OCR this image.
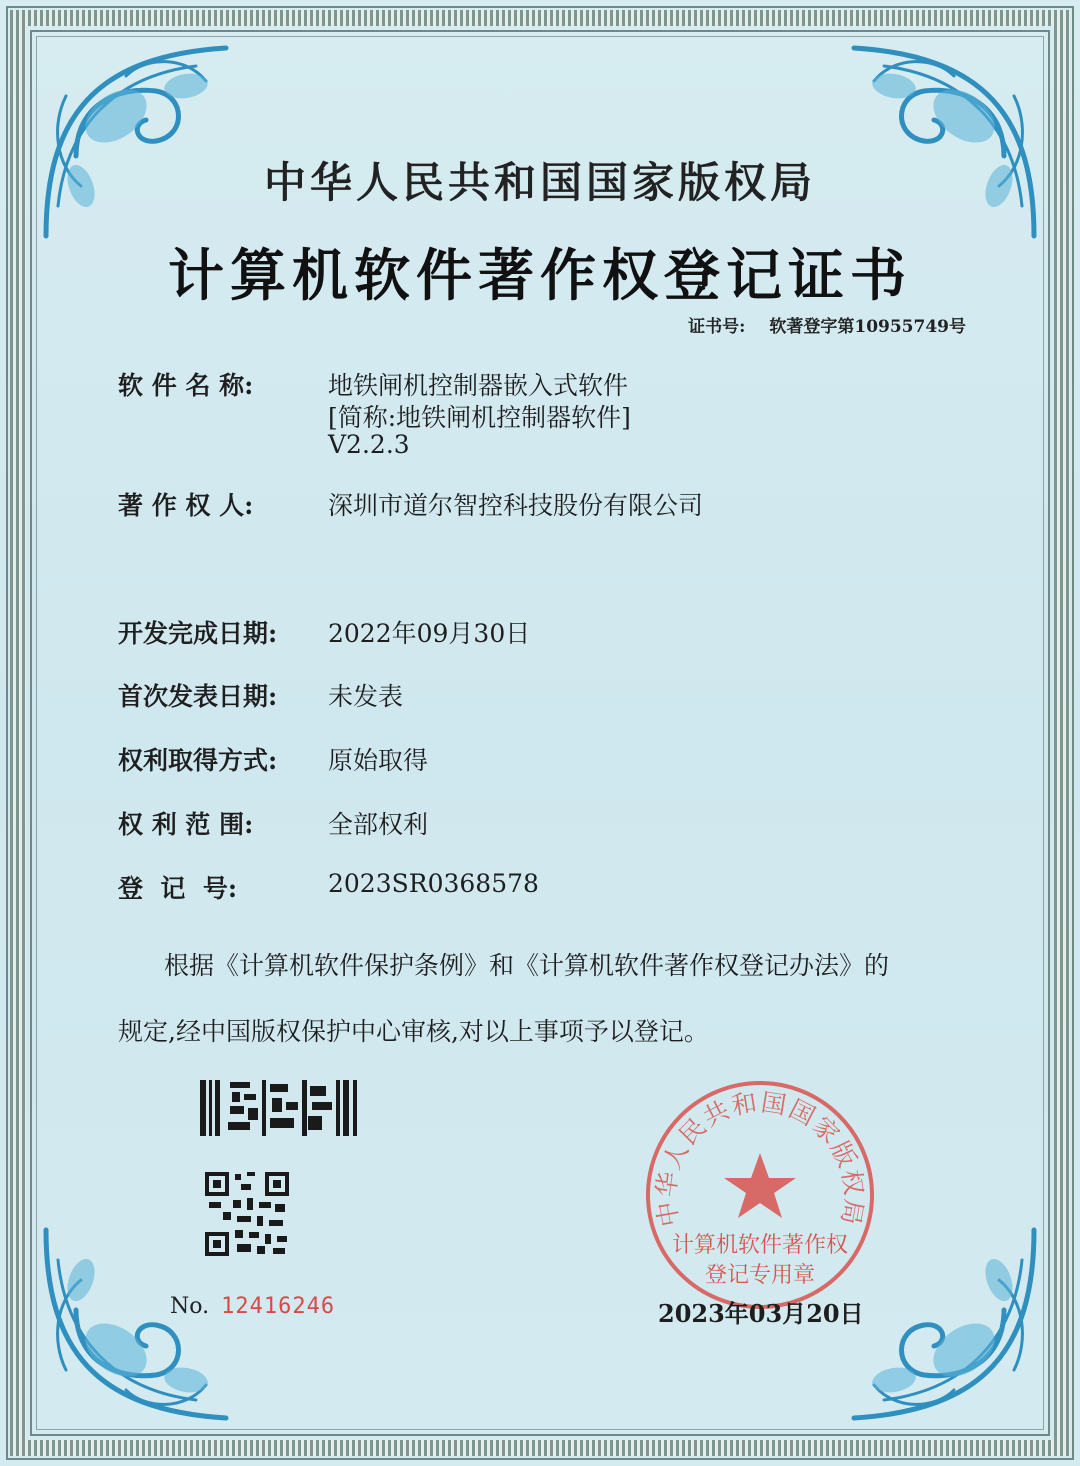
中华人民共和国国家版权局
计算机软件著作权登记证书
证书号: 软著登字第10955749号
软 件 名 称:	地铁闸机控制器嵌入式软件
[简称:地铁闸机控制器软件]
V2.2.3
著 作 权 人:	深圳市道尔智控科技股份有限公司
开发完成日期: 2022年09月30日
首次发表日期: 未发表
权利取得方式: 原始取得
权 利 范 围:	全部权利
登  记  号:	2023SR0368578
根据《计算机软件保护条例》和《计算机软件著作权登记办法》的
规定,经中国版权保护中心审核,对以上事项予以登记。
No. 12416246
中华人民共和国国家版权局
计算机软件著作权
登记专用章
2023年03月20日
